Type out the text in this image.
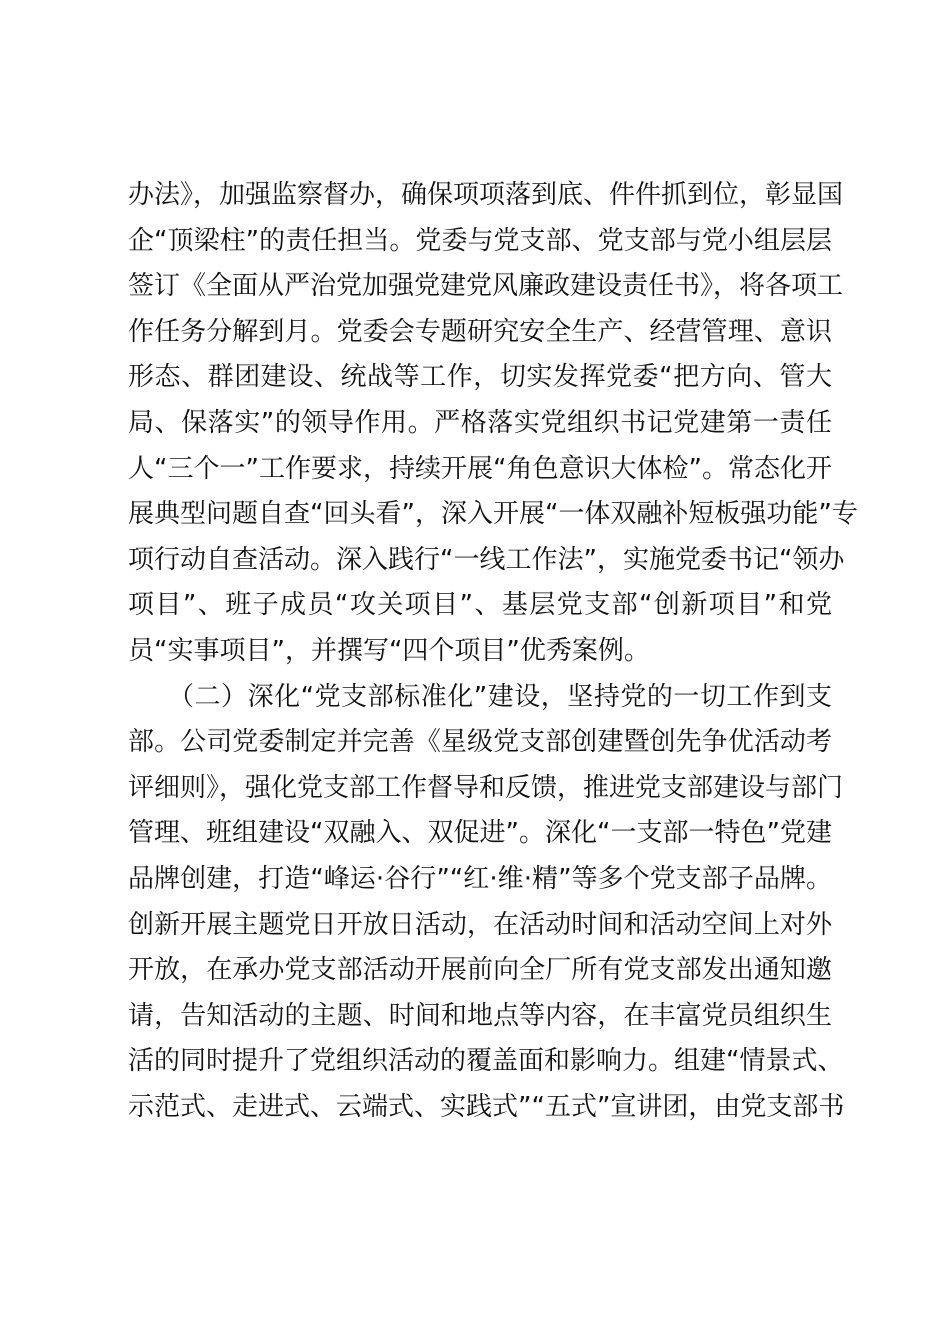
办法》，加强监察督办，确保项项落到底、件件抓到位，彰显国
企“顶梁柱”的责任担当。党委与党支部、党支部与党小组层层
签订《全面从严治党加强党建党风廉政建设责任书》，将各项工
作任务分解到月。党委会专题研究安全生产、经营管理、意识
形态、群团建设、统战等工作，切实发挥党委“把方向、管大
局、保落实”的领导作用。严格落实党组织书记党建第一责任
人“三个一”工作要求，持续开展“角色意识大体检”。常态化开
展典型问题自查“回头看”，深入开展“一体双融补短板强功能”专
项行动自查活动。深入践行“一线工作法”，实施党委书记“领办
项目”、班子成员“攻关项目”、基层党支部“创新项目”和党
员“实事项目”，并撰写“四个项目”优秀案例。
　　（二）深化“党支部标准化”建设，坚持党的一切工作到支
部。公司党委制定并完善《星级党支部创建暨创先争优活动考
评细则》，强化党支部工作督导和反馈，推进党支部建设与部门
管理、班组建设“双融入、双促进”。深化“一支部一特色”党建
品牌创建，打造“峰运·谷行”“红·维·精”等多个党支部子品牌。
创新开展主题党日开放日活动，在活动时间和活动空间上对外
开放，在承办党支部活动开展前向全厂所有党支部发出通知邀
请，告知活动的主题、时间和地点等内容，在丰富党员组织生
活的同时提升了党组织活动的覆盖面和影响力。组建“情景式、
示范式、走进式、云端式、实践式”“五式”宣讲团，由党支部书
